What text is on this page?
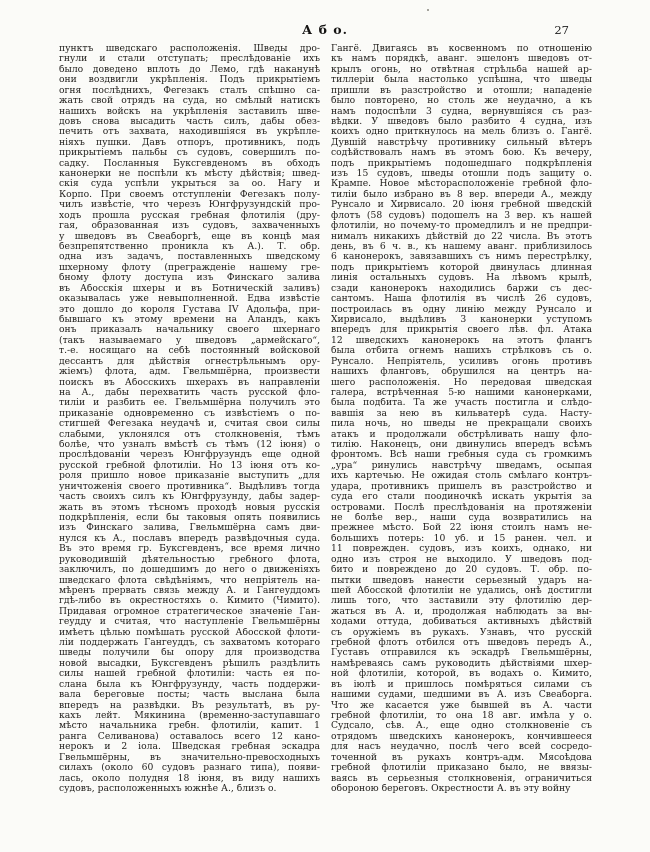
А б о.	27
пунктъ шведскаго расположенія. Шведы дро-
гнули и стали отступать; преслѣдованіе ихъ
было доведено вплоть до Лемо, гдѣ наканунѣ
они воздвигли укрѣпленія. Подъ прикрытіемъ
огня послѣднихъ, Фегезакъ сталъ спѣшно са-
жать свой отрядъ на суда, но смѣлый натискъ
нашихъ войскъ на укрѣпленія заставилъ шве-
довъ снова высадить часть силъ, дабы обез-
печить отъ захвата, находившіяся въ укрѣпле-
ніяхъ пушки. Давъ отпоръ, противникъ, подъ
прикрытіемъ пальбы съ судовъ, совершилъ по-
садку. Посланныя Буксгевденомъ въ обходъ
канонерки не поспѣли къ мѣсту дѣйствія; швед-
скія суда успѣли укрыться за оо. Нагу и
Корпо. При своемъ отступленіи Фегезакъ полу-
чилъ извѣстіе, что черезъ Юнгфрузундскій про-
ходъ прошла русская гребная флотилія (дру-
гая, образованная изъ судовъ, захваченныхъ
у шведовъ въ Свеаборгѣ, еще въ концѣ мая
безпрепятственно проникла къ А.). Т. обр.
одна изъ задачъ, поставленныхъ шведскому
шхерному флоту (прегражденіе нашему гре-
бному флоту доступа изъ Финскаго залива
въ Абосскія шхеры и въ Ботническій заливъ)
оказывалась уже невыполненной. Едва извѣстіе
это дошло до короля Густава IV Адольфа, при-
бывшаго къ этому времени на Аландъ, какъ
онъ приказалъ начальнику своего шхернаго
(такъ называемаго у шведовъ „армейскаго“,
т.-е. носящаго на себѣ постоянный войсковой
дессантъ для дѣйствія огнестрѣльнымъ ору-
жіемъ) флота, адм. Гвельмшёрна, произвести
поискъ въ Абосскихъ шхерахъ въ направленіи
на А., дабы перехватить часть русской фло-
тиліи и разбить ее. Гвельмшёрна получилъ это
приказаніе одновременно съ извѣстіемъ о по-
стигшей Фегезака неудачѣ и, считая свои силы
слабыми, уклонялся отъ столкновенія, тѣмъ
болѣе, что узналъ вмѣстѣ съ тѣмъ (12 іюня) о
прослѣдованіи черезъ Юнгфрузундъ еще одной
русской гребной флотиліи. Но 13 іюня отъ ко-
роля пришло новое приказаніе выступить „для
уничтоженія своего противника“. Выдѣливъ тогда
часть своихъ силъ къ Юнгфрузунду, дабы задер-
жать въ этомъ тѣсномъ проходѣ новыя русскія
подкрѣпленія, если бы таковыя опять появились
изъ Финскаго залива, Гвельмшёрна самъ дви-
нулся къ А., пославъ впередъ развѣдочныя суда.
Въ это время гр. Буксгевденъ, все время лично
руководившій дѣятельностью гребного флота,
заключилъ, по дошедшимъ до него о движеніяхъ
шведскаго флота свѣдѣніямъ, что непріятель на-
мѣренъ прервать связь между А. и Гангеуддомъ
гдѣ-либо въ окрестностяхъ о. Кимито (Чимито).
Придавая огромное стратегическое значеніе Ган-
геудду и считая, что наступленіе Гвельмшёрны
имѣетъ цѣлью помѣшать русской Абосской флоти-
ліи поддержать Гангеуддъ, съ захватомъ котораго
шведы получили бы опору для производства
новой высадки, Буксгевденъ рѣшилъ раздѣлить
силы нашей гребной флотиліи: часть ея по-
слана была къ Юнгфрузунду, часть поддержи-
вала береговые посты; часть выслана была
впередъ на развѣдки. Въ результатѣ, въ ру-
кахъ лейт. Мякинина (временно-заступавшаго
мѣсто начальника гребн. флотиліи, капит. 1
ранга Селиванова) оставалось всего 12 кано-
нерокъ и 2 іола. Шведская гребная эскадра
Гвельмшёрны, въ значительно-превосходныхъ
силахъ (около 60 судовъ разнаго типа), появи-
лась, около полудня 18 іюня, въ виду нашихъ
судовъ, расположенныхъ южнѣе А., близъ о.
Гангё. Двигаясь въ косвенномъ по отношенію
къ намъ порядкѣ, аванг. эшелонъ шведовъ от-
крылъ огонь, но отвѣтная стрѣльба нашей ар-
тиллеріи была настолько успѣшна, что шведы
пришли въ разстройство и отошли; нападеніе
было повторено, но столь же неудачно, а къ
намъ подоспѣли 3 судна, вернувшіяся съ раз-
вѣдки. У шведовъ было разбито 4 судна, изъ
коихъ одно приткнулось на мель близъ о. Гангё.
Дувшій навстрѣчу противнику сильный вѣтеръ
содѣйствовалъ намъ въ этомъ бою. Къ вечеру,
подъ прикрытіемъ подошедшаго подкрѣпленія
изъ 15 судовъ, шведы отошли подъ защиту о.
Крампе. Новое мѣсторасположеніе гребной фло-
тиліи было избрано въ 8 вер. впереди А., между
Рунсало и Хирвисало. 20 іюня гребной шведскій
флотъ (58 судовъ) подошелъ на 3 вер. къ нашей
флотиліи, но почему-то промедлилъ и не предпри-
нималъ никакихъ дѣйствій до 22 числа. Въ этотъ
день, въ 6 ч. в., къ нашему аванг. приблизилось
6 канонерокъ, завязавшихъ съ нимъ перестрѣлку,
подъ прикрытіемъ которой двинулась длинная
линія остальныхъ судовъ. На лѣвомъ крылѣ,
сзади канонерокъ находились баржи съ дес-
сантомъ. Наша флотилія въ числѣ 26 судовъ,
построилась въ одну линію между Рунсало и
Хирвисало, выдѣливъ 3 канонерки уступомъ
впередъ для прикрытія своего лѣв. фл. Атака
12 шведскихъ канонерокъ на этотъ флангъ
была отбита огнемъ нашихъ стрѣлковъ съ о.
Рунсало. Непріятель, усиливъ огонь противъ
нашихъ фланговъ, обрушился на центръ на-
шего расположенія. Но передовая шведская
галера, встрѣченная 5-ю нашими канонерками,
была подбита. Та же участь постигла и слѣдо-
вавшія за нею въ кильватерѣ суда. Насту-
пила ночь, но шведы не прекращали своихъ
атакъ и продолжали обстрѣливать нашу фло-
тилію. Наконецъ, они двинулись впередъ всѣмъ
фронтомъ. Всѣ наши гребныя суда съ громкимъ
„ура“ ринулись навстрѣчу шведамъ, осыпая
ихъ картечью. Не ожидая столь смѣлаго контръ-
удара, противникъ пришелъ въ разстройство и
суда его стали поодиночкѣ искать укрытія за
островами. Послѣ преслѣдованія на протяженіи
не болѣе вер., наши суда возвратились на
прежнее мѣсто. Бой 22 іюня стоилъ намъ не-
большихъ потерь: 10 уб. и 15 ранен. чел. и
11 поврежден. судовъ, изъ коихъ, однако, ни
одно изъ строя не выходило. У шведовъ под-
бито и повреждено до 20 судовъ. Т. обр. по-
пытки шведовъ нанести серьезный ударъ на-
шей Абосской флотиліи не удались, онѣ достигли
лишь того, что заставили эту флотилію дер-
жаться въ А. и, продолжая наблюдать за вы-
ходами оттуда, добиваться активныхъ дѣйствій
съ оружіемъ въ рукахъ. Узнавъ, что русскій
гребной флотъ отбился отъ шведовъ передъ А.,
Густавъ отправился къ эскадрѣ Гвельмшёрны,
намѣреваясь самъ руководить дѣйствіями шхер-
ной флотиліи, которой, въ водахъ о. Кимито,
въ іюлѣ и пришлось помѣряться силами съ
нашими судами, шедшими въ А. изъ Свеаборга.
Что же касается уже бывшей въ А. части
гребной флотиліи, то она 18 авг. имѣла у о.
Судсало, сѣв. А., еще одно столкновеніе съ
отрядомъ шведскихъ канонерокъ, кончившееся
для насъ неудачно, послѣ чего всей сосредо-
точенной въ рукахъ контръ-адм. Мясоѣдова
гребной флотиліи приказано было, не ввязы-
ваясь въ серьезныя столкновенія, ограничиться
обороною береговъ. Окрестности А. въ эту войну
